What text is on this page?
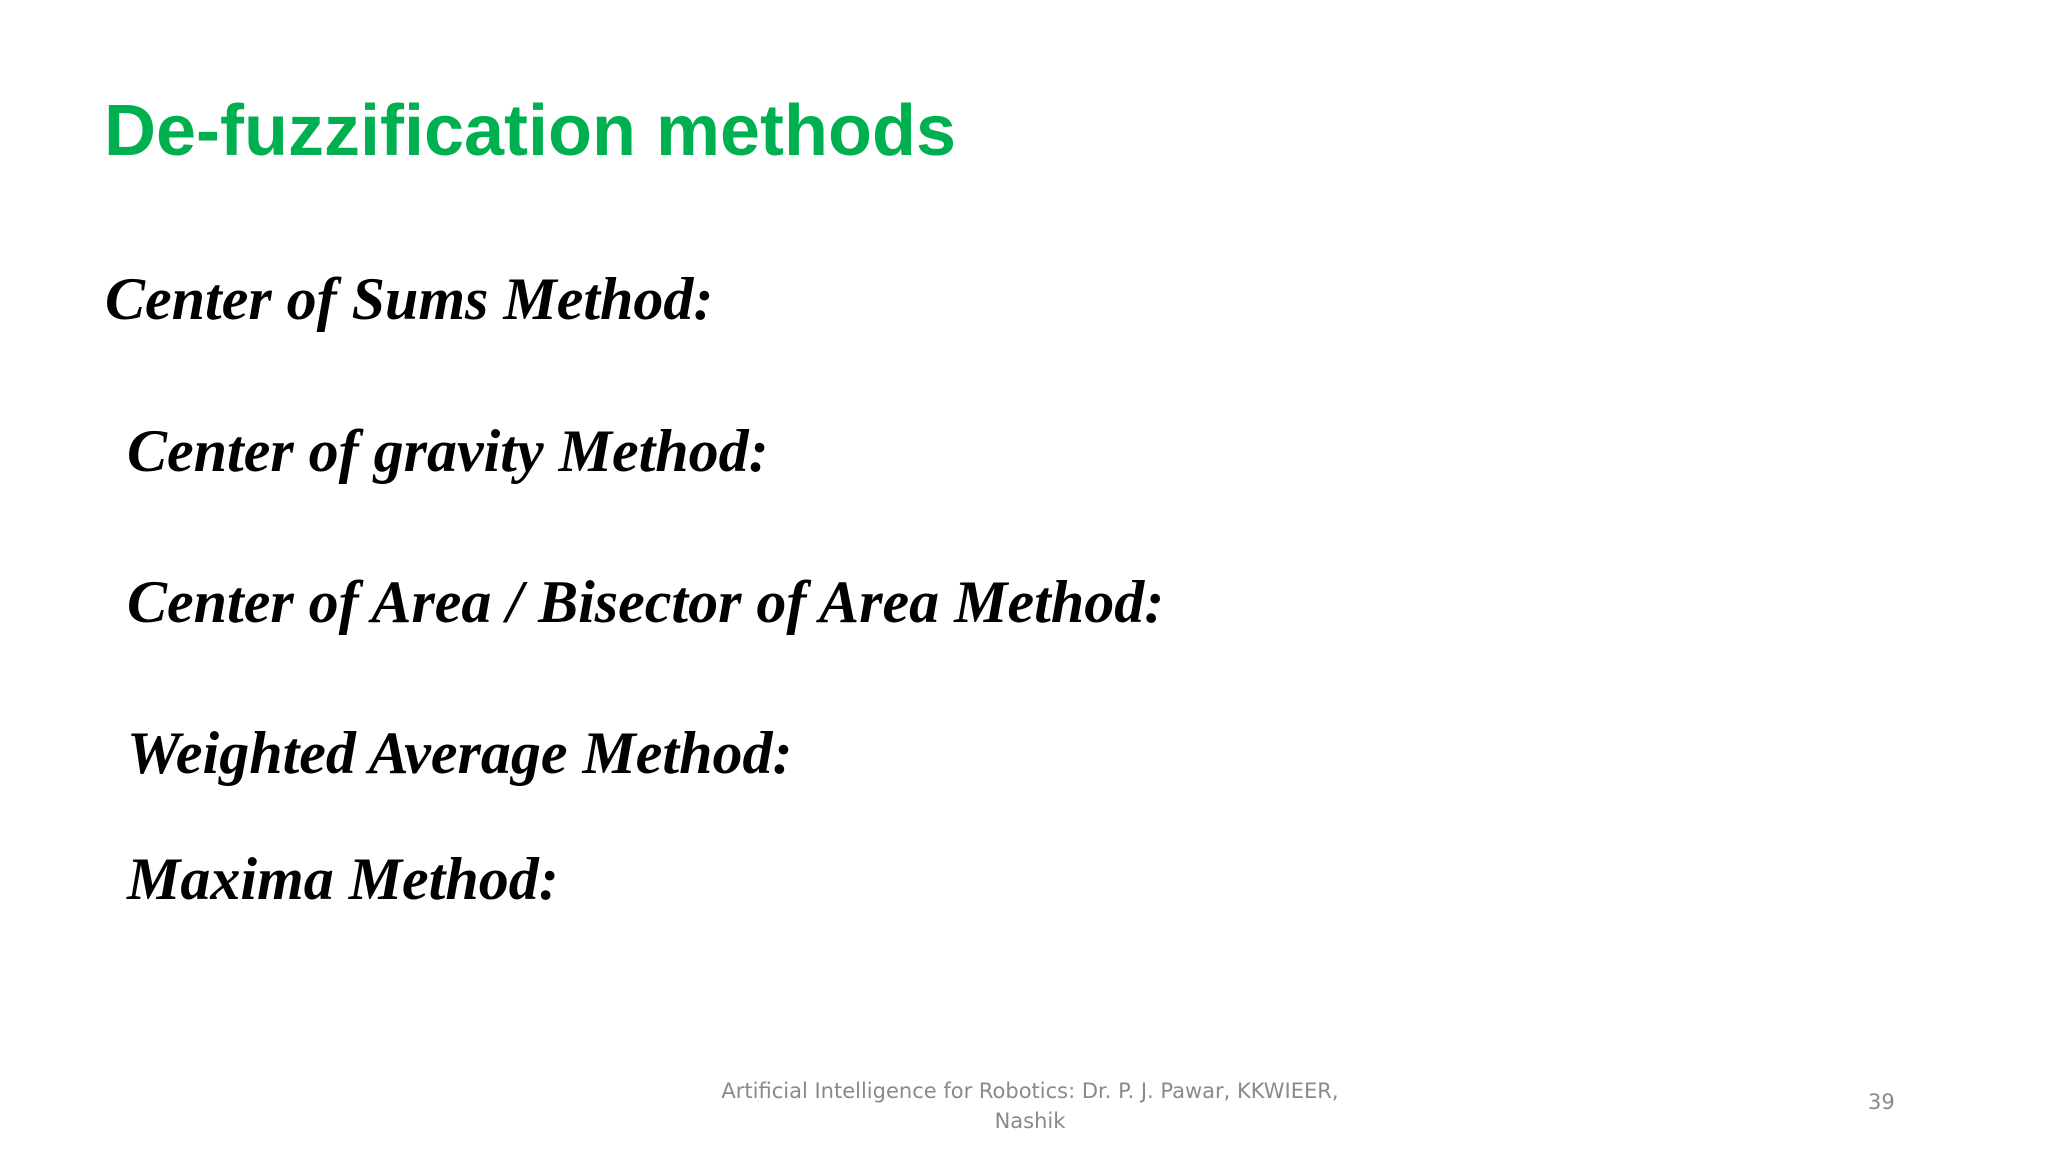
De-fuzzification methods

Center of Sums Method:

Center of gravity Method:

Center of Area / Bisector of Area Method:

Weighted Average Method:

Maxima Method:

Artificial Intelligence for Robotics: Dr. P. J. Pawar, KKWIEER,
Nashik

39
